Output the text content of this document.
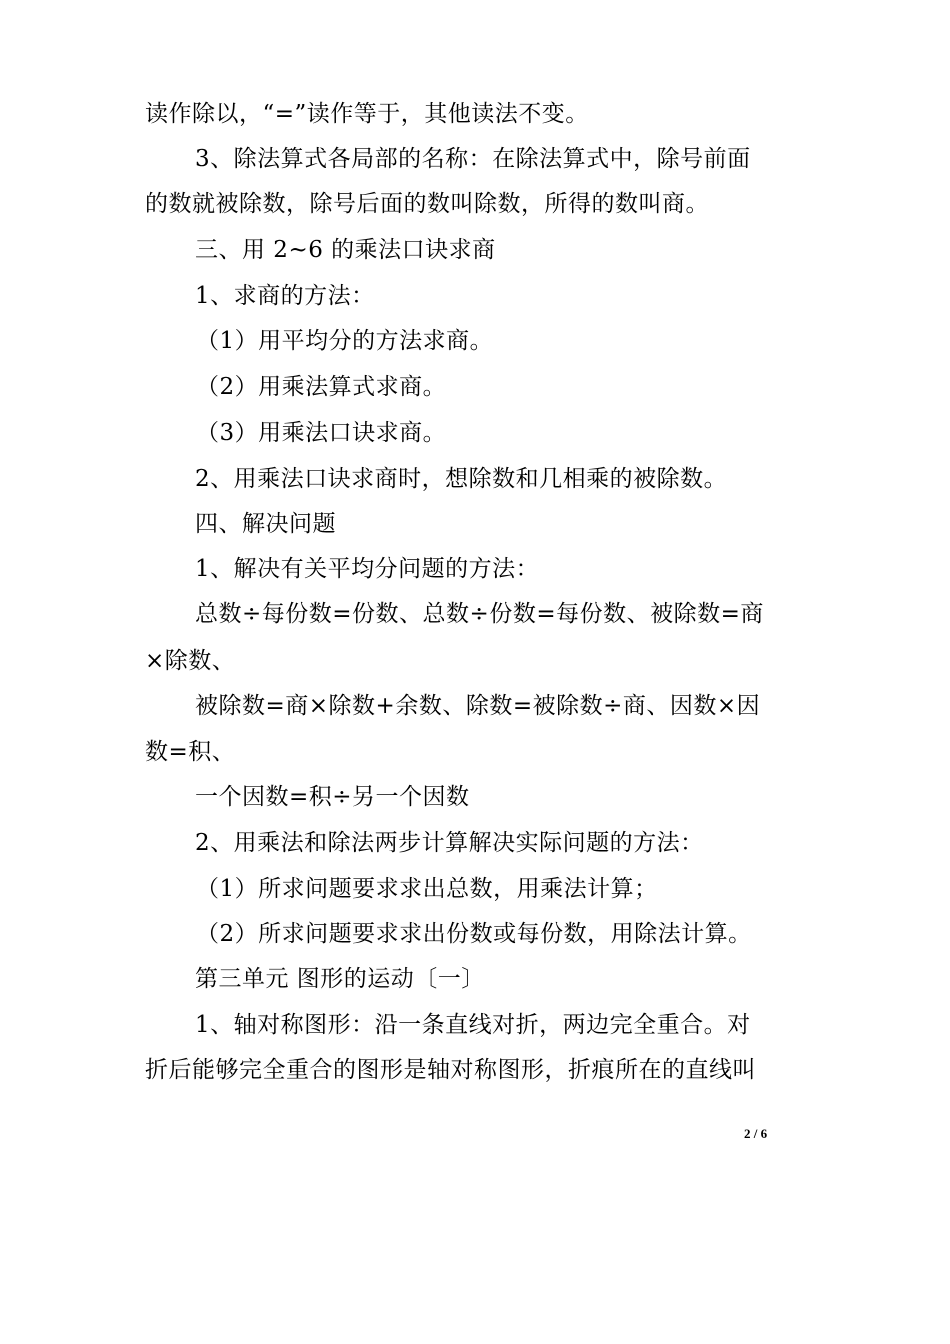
读作除以，“=”读作等于，其他读法不变。
3、除法算式各局部的名称：在除法算式中，除号前面
的数就被除数，除号后面的数叫除数，所得的数叫商。
三、用 2~6 的乘法口诀求商
1、求商的方法：
（1）用平均分的方法求商。
（2）用乘法算式求商。
（3）用乘法口诀求商。
2、用乘法口诀求商时，想除数和几相乘的被除数。
四、解决问题
1、解决有关平均分问题的方法：
总数÷每份数=份数、总数÷份数=每份数、被除数=商
×除数、
被除数=商×除数+余数、除数=被除数÷商、因数×因
数=积、
一个因数=积÷另一个因数
2、用乘法和除法两步计算解决实际问题的方法：
（1）所求问题要求求出总数，用乘法计算；
（2）所求问题要求求出份数或每份数，用除法计算。
第三单元 图形的运动〔一〕
1、轴对称图形：沿一条直线对折，两边完全重合。对
折后能够完全重合的图形是轴对称图形，折痕所在的直线叫
2 / 6
